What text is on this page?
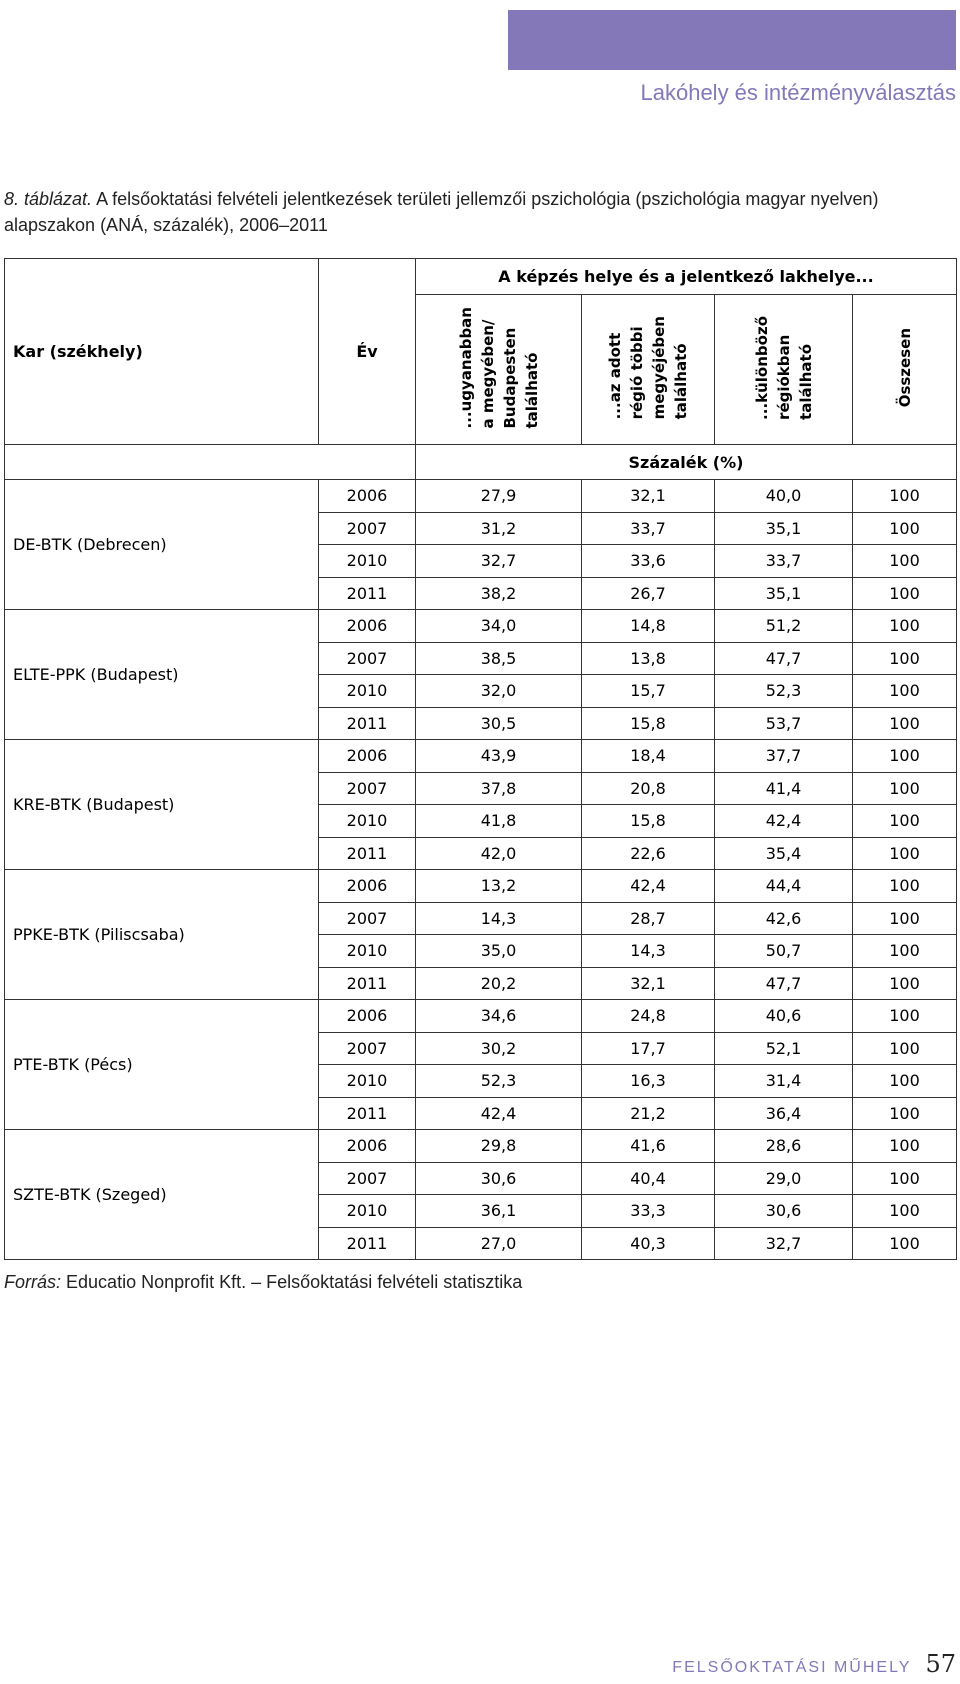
Lakóhely és intézményválasztás
8. táblázat. A felsőoktatási felvételi jelentkezések területi jellemzői pszichológia (pszichológia magyar nyelven) alapszakon (ANÁ, százalék), 2006–2011
Kar (székhely)	Év	A képzés helye és a jelentkező lakhelye...			
		...ugyanabban
a megyében/
Budapesten
található	...az adott
régió többi
megyéjében
található	...különböző
régiókban
található	Összesen
		Százalék (%)			
DE-BTK (Debrecen)	2006	27,9	32,1	40,0	100
	2007	31,2	33,7	35,1	100
	2010	32,7	33,6	33,7	100
	2011	38,2	26,7	35,1	100
ELTE-PPK (Budapest)	2006	34,0	14,8	51,2	100
	2007	38,5	13,8	47,7	100
	2010	32,0	15,7	52,3	100
	2011	30,5	15,8	53,7	100
KRE-BTK (Budapest)	2006	43,9	18,4	37,7	100
	2007	37,8	20,8	41,4	100
	2010	41,8	15,8	42,4	100
	2011	42,0	22,6	35,4	100
PPKE-BTK (Piliscsaba)	2006	13,2	42,4	44,4	100
	2007	14,3	28,7	42,6	100
	2010	35,0	14,3	50,7	100
	2011	20,2	32,1	47,7	100
PTE-BTK (Pécs)	2006	34,6	24,8	40,6	100
	2007	30,2	17,7	52,1	100
	2010	52,3	16,3	31,4	100
	2011	42,4	21,2	36,4	100
SZTE-BTK (Szeged)	2006	29,8	41,6	28,6	100
	2007	30,6	40,4	29,0	100
	2010	36,1	33,3	30,6	100
	2011	27,0	40,3	32,7	100
Forrás: Educatio Nonprofit Kft. – Felsőoktatási felvételi statisztika
FELSŐOKTATÁSI MŰHELY 57
